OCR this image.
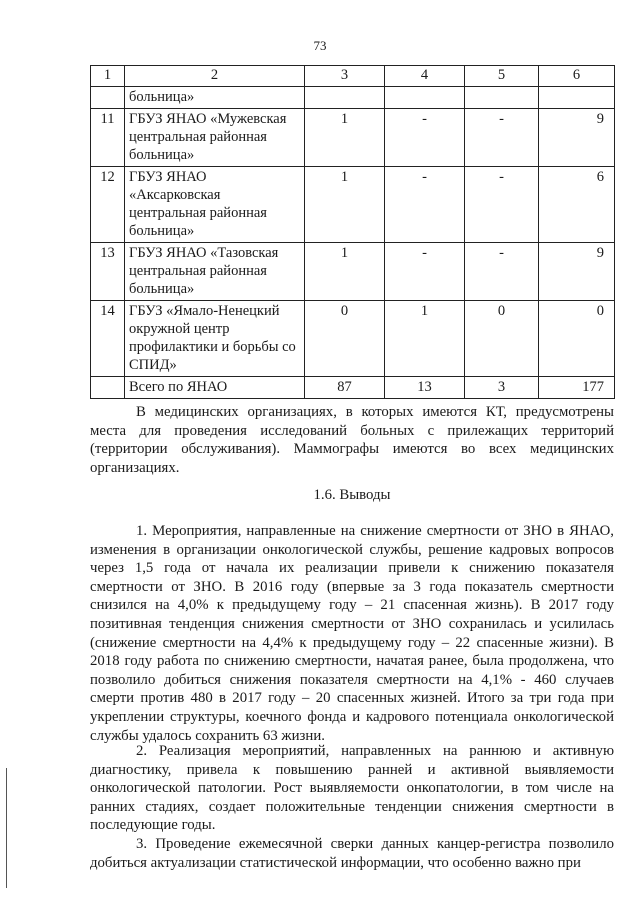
73
1	2	3	4	5	6
	больница»				
11	ГБУЗ ЯНАО «Мужевская центральная районная больница»	1	-	-	9
12	ГБУЗ ЯНАО «Аксарковская центральная районная больница»	1	-	-	6
13	ГБУЗ ЯНАО «Тазовская центральная районная больница»	1	-	-	9
14	ГБУЗ «Ямало-Ненецкий окружной центр профилактики и борьбы со СПИД»	0	1	0	0
	Всего по ЯНАО	87	13	3	177

В медицинских организациях, в которых имеются КТ, предусмотрены места для проведения исследований больных с прилежащих территорий (территории обслуживания). Маммографы имеются во всех медицинских организациях.

1.6. Выводы

1. Мероприятия, направленные на снижение смертности от ЗНО в ЯНАО, изменения в организации онкологической службы, решение кадровых вопросов через 1,5 года от начала их реализации привели к снижению показателя смертности от ЗНО. В 2016 году (впервые за 3 года показатель смертности снизился на 4,0% к предыдущему году – 21 спасенная жизнь). В 2017 году позитивная тенденция снижения смертности от ЗНО сохранилась и усилилась (снижение смертности на 4,4% к предыдущему году – 22 спасенные жизни). В 2018 году работа по снижению смертности, начатая ранее, была продолжена, что позволило добиться снижения показателя смертности на 4,1% - 460 случаев смерти против 480 в 2017 году – 20 спасенных жизней. Итого за три года при укреплении структуры, коечного фонда и кадрового потенциала онкологической службы удалось сохранить 63 жизни.

2. Реализация мероприятий, направленных на раннюю и активную диагностику, привела к повышению ранней и активной выявляемости онкологической патологии. Рост выявляемости онкопатологии, в том числе на ранних стадиях, создает положительные тенденции снижения смертности в последующие годы.

3. Проведение ежемесячной сверки данных канцер-регистра позволило добиться актуализации статистической информации, что особенно важно при
